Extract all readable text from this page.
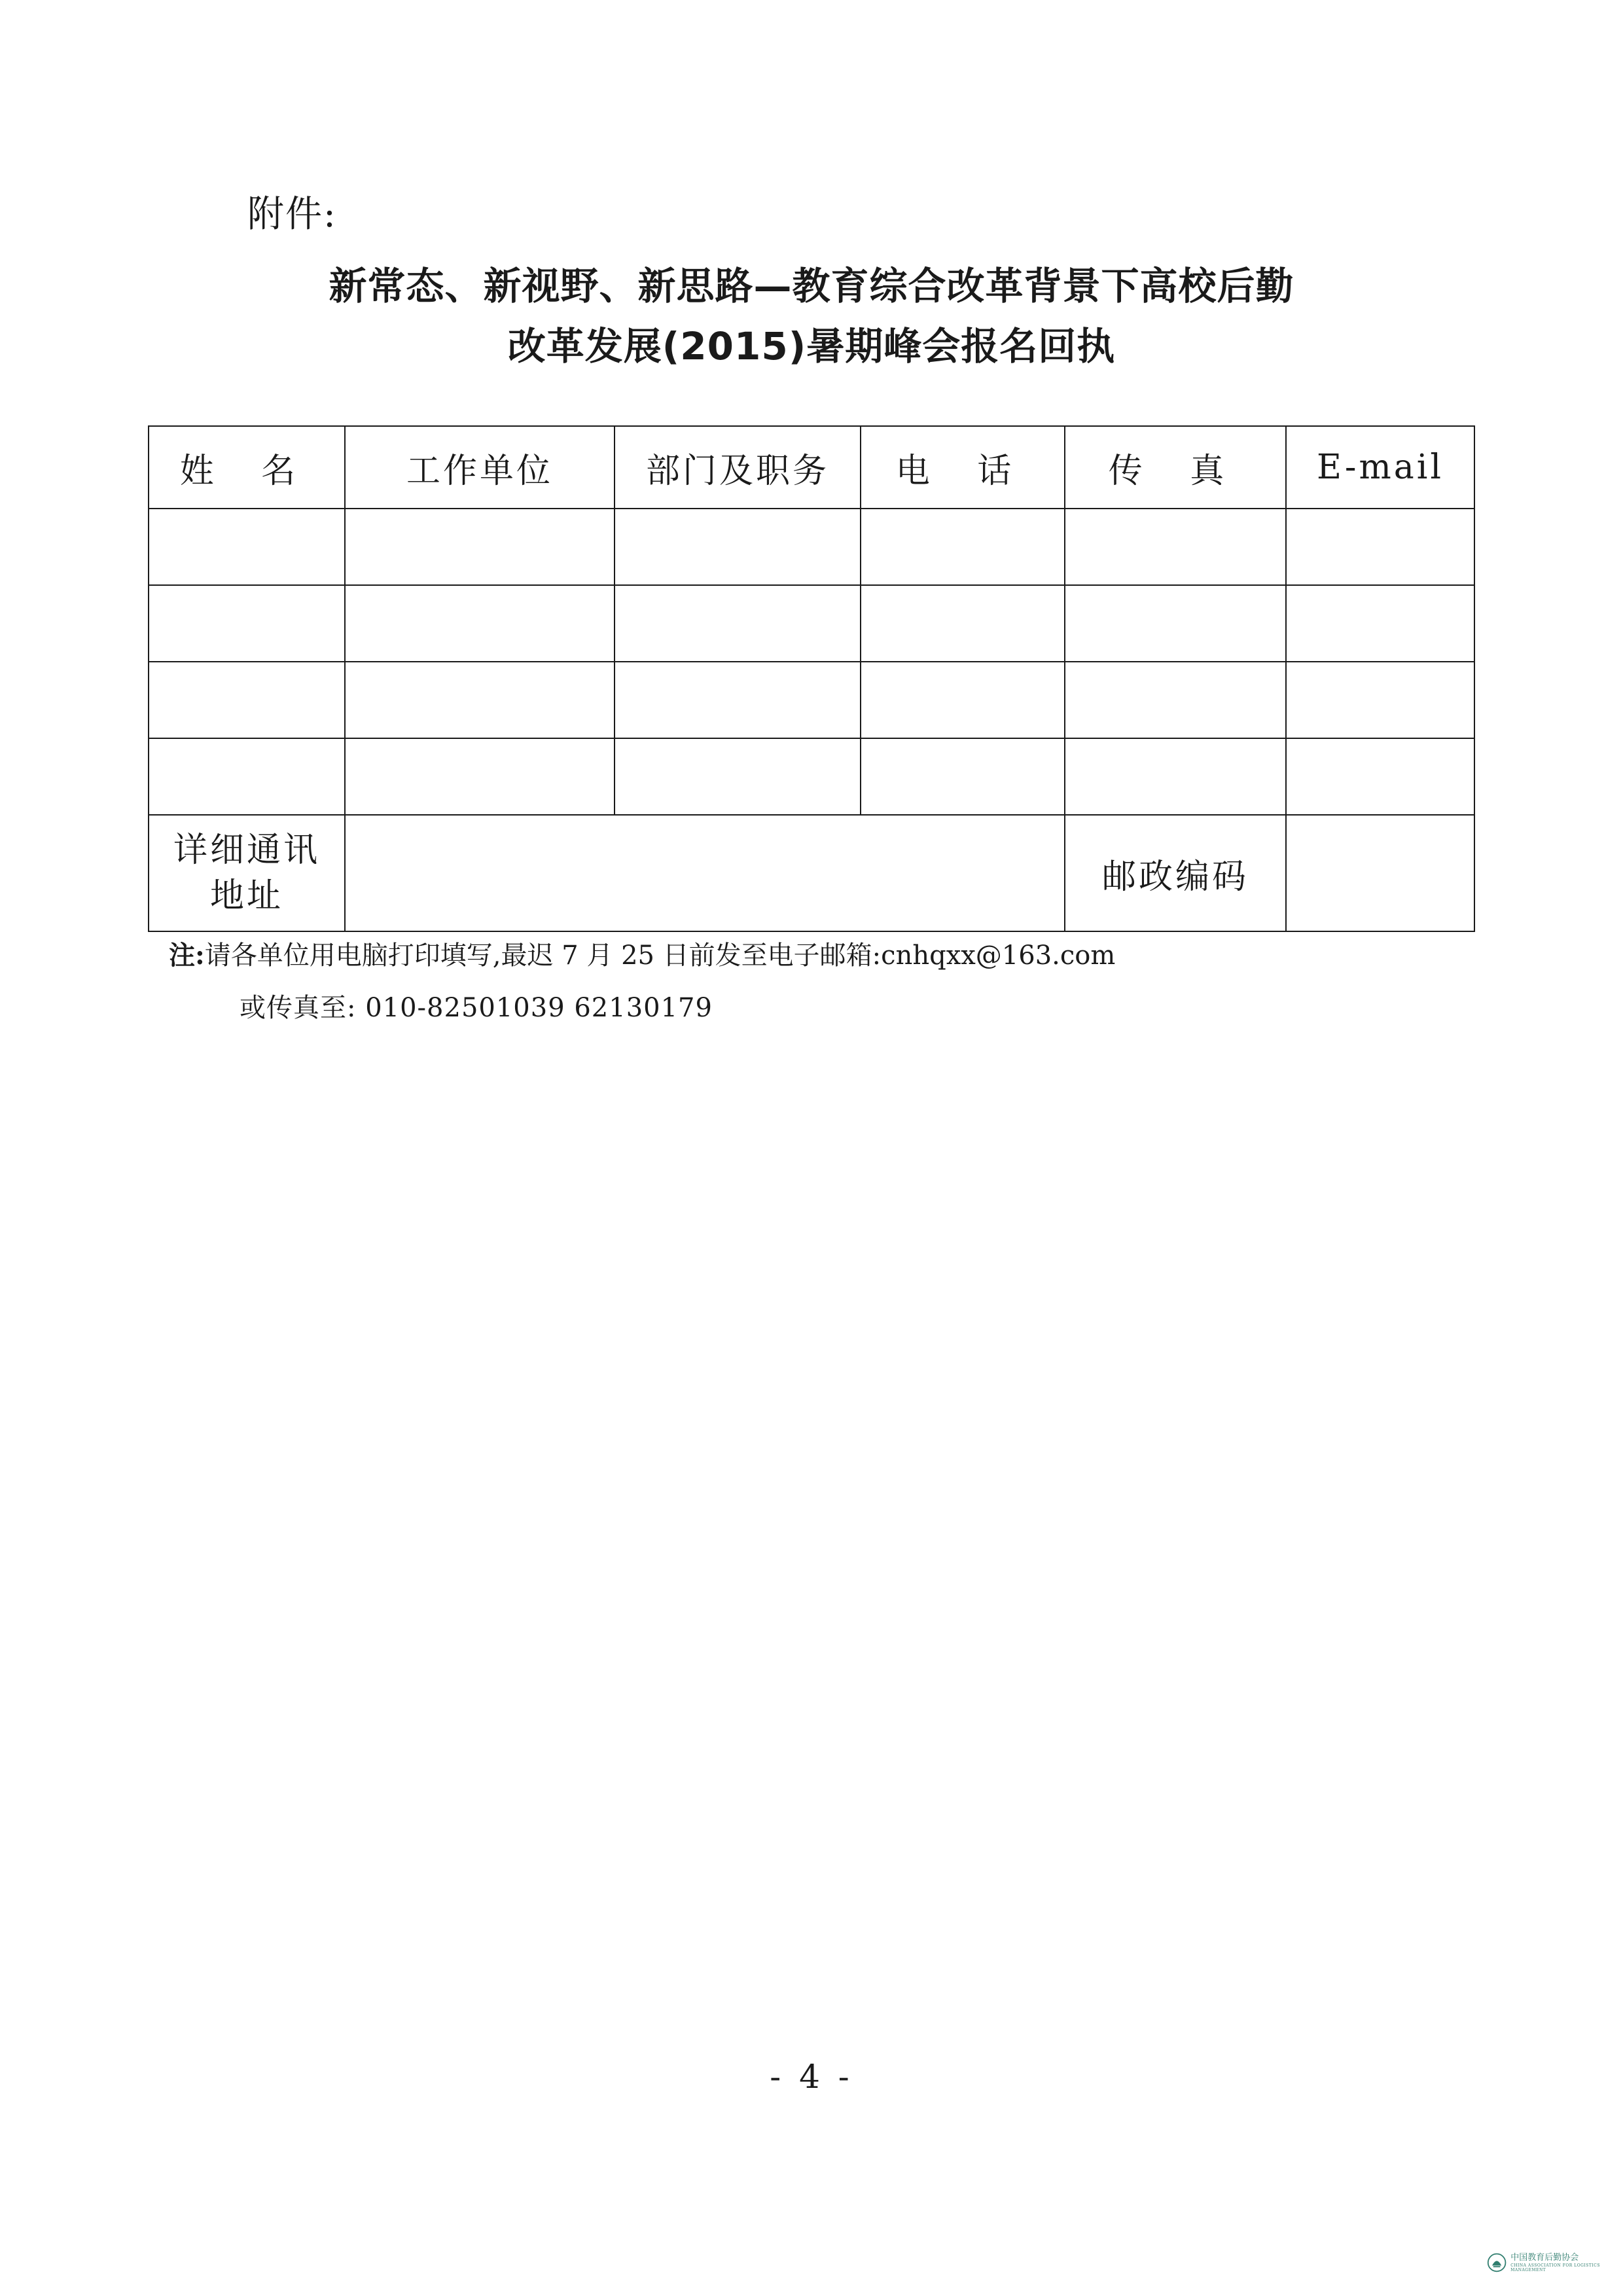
附件:
新常态、新视野、新思路—教育综合改革背景下高校后勤
改革发展(2015)暑期峰会报名回执
姓 名	工作单位	部门及职务	电 话	传 真	E-mail

详细通讯
地址				邮政编码	
注:请各单位用电脑打印填写,最迟 7 月 25 日前发至电子邮箱:cnhqxx@163.com
或传真至: 010-82501039 62130179
- 4 -
中国教育后勤协会
CHINA ASSOCIATION FOR LOGISTICS MANAGEMENT
